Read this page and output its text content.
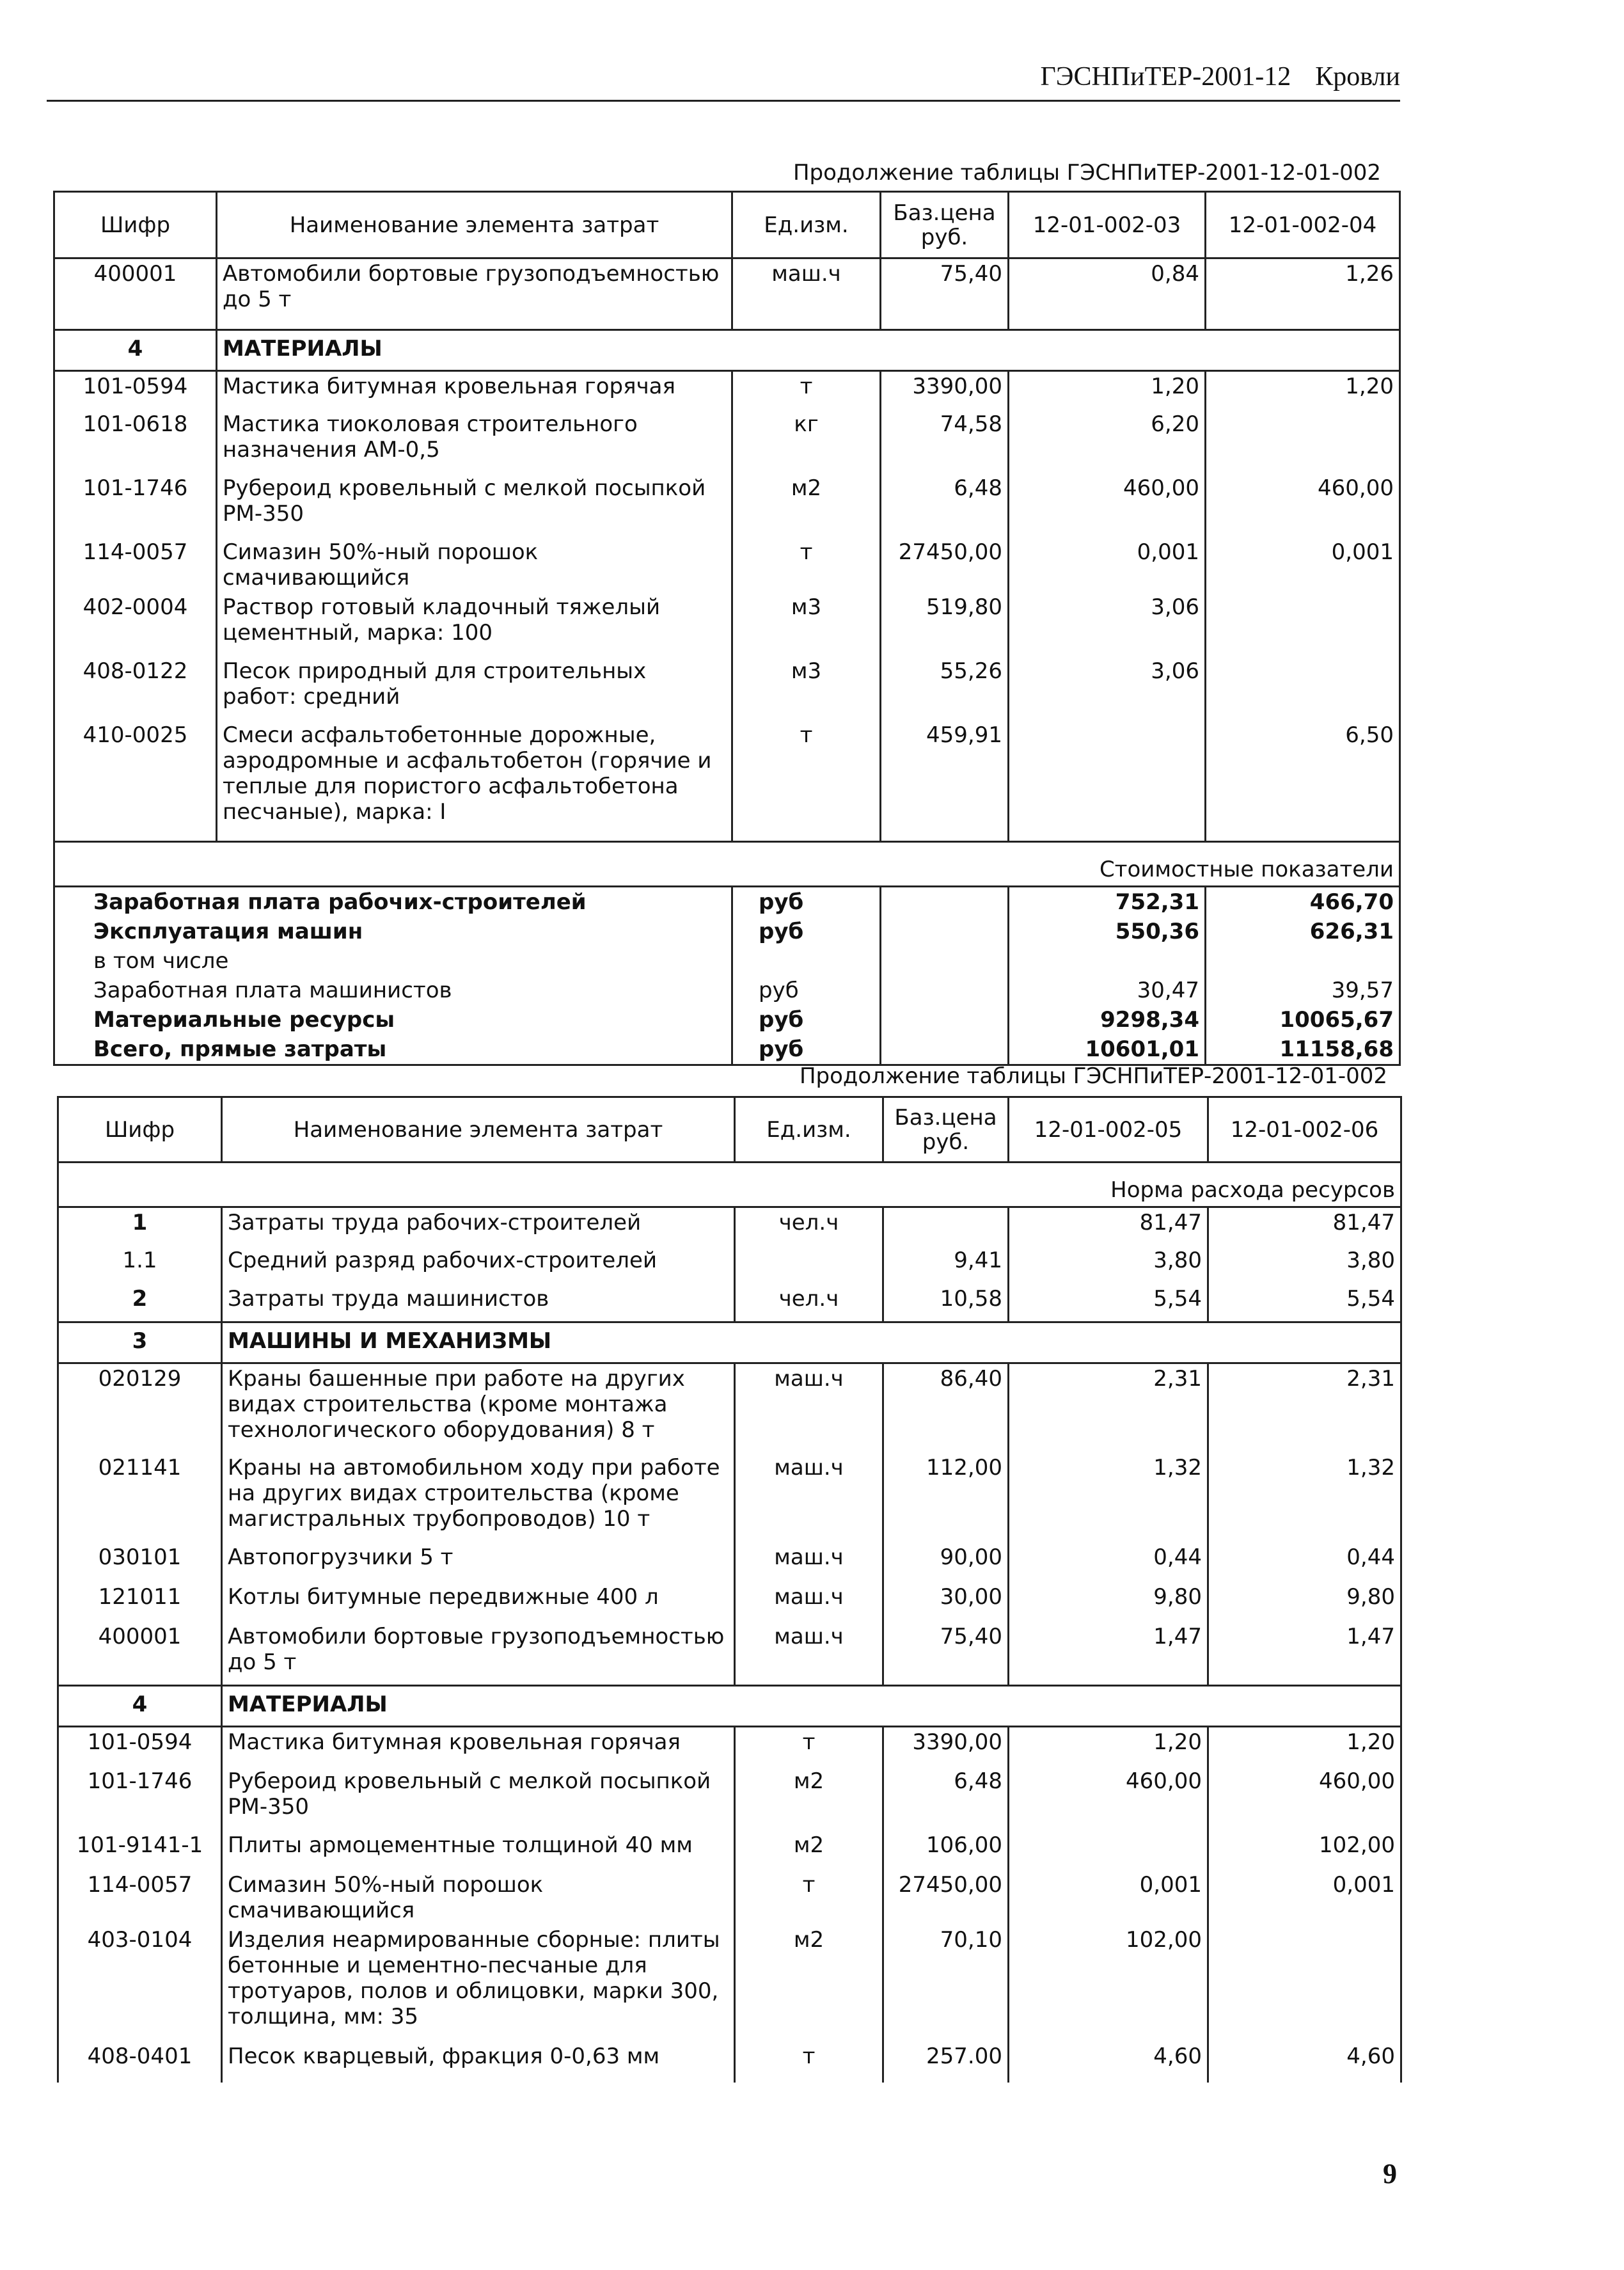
ГЭСНПиТЕР-2001-12 Кровли
Продолжение таблицы ГЭСНПиТЕР-2001-12-01-002
Шифр	Наименование элемента затрат	Ед.изм.	Баз.цена руб.	12-01-002-03	12-01-002-04
400001	Автомобили бортовые грузоподъемностью до 5 т	маш.ч	75,40	0,84	1,26
4	МАТЕРИАЛЫ				
101-0594	Мастика битумная кровельная горячая	т	3390,00	1,20	1,20
101-0618	Мастика тиоколовая строительного назначения АМ-0,5	кг	74,58	6,20	
101-1746	Рубероид кровельный с мелкой посыпкой РМ-350	м2	6,48	460,00	460,00
114-0057	Симазин 50%-ный порошок смачивающийся	т	27450,00	0,001	0,001
402-0004	Раствор готовый кладочный тяжелый цементный, марка: 100	м3	519,80	3,06	
408-0122	Песок природный для строительных работ: средний	м3	55,26	3,06	
410-0025	Смеси асфальтобетонные дорожные, аэродромные и асфальтобетон (горячие и теплые для пористого асфальтобетона песчаные), марка: I	т	459,91		6,50
Стоимостные показатели					
Заработная плата рабочих-строителей		руб		752,31	466,70
Эксплуатация машин		руб		550,36	626,31
в том числе					
Заработная плата машинистов		руб		30,47	39,57
Материальные ресурсы		руб		9298,34	10065,67
Всего, прямые затраты		руб		10601,01	11158,68
Продолжение таблицы ГЭСНПиТЕР-2001-12-01-002
Шифр	Наименование элемента затрат	Ед.изм.	Баз.цена руб.	12-01-002-05	12-01-002-06
Норма расхода ресурсов					
1	Затраты труда рабочих-строителей	чел.ч		81,47	81,47
1.1	Средний разряд рабочих-строителей		9,41	3,80	3,80
2	Затраты труда машинистов	чел.ч	10,58	5,54	5,54
3	МАШИНЫ И МЕХАНИЗМЫ				
020129	Краны башенные при работе на других видах строительства (кроме монтажа технологического оборудования) 8 т	маш.ч	86,40	2,31	2,31
021141	Краны на автомобильном ходу при работе на других видах строительства (кроме магистральных трубопроводов) 10 т	маш.ч	112,00	1,32	1,32
030101	Автопогрузчики 5 т	маш.ч	90,00	0,44	0,44
121011	Котлы битумные передвижные 400 л	маш.ч	30,00	9,80	9,80
400001	Автомобили бортовые грузоподъемностью до 5 т	маш.ч	75,40	1,47	1,47
4	МАТЕРИАЛЫ				
101-0594	Мастика битумная кровельная горячая	т	3390,00	1,20	1,20
101-1746	Рубероид кровельный с мелкой посыпкой РМ-350	м2	6,48	460,00	460,00
101-9141-1	Плиты армоцементные толщиной 40 мм	м2	106,00		102,00
114-0057	Симазин 50%-ный порошок смачивающийся	т	27450,00	0,001	0,001
403-0104	Изделия неармированные сборные: плиты бетонные и цементно-песчаные для тротуаров, полов и облицовки, марки 300, толщина, мм: 35	м2	70,10	102,00	
408-0401	Песок кварцевый, фракция 0-0,63 мм	т	257.00	4,60	4,60
9
